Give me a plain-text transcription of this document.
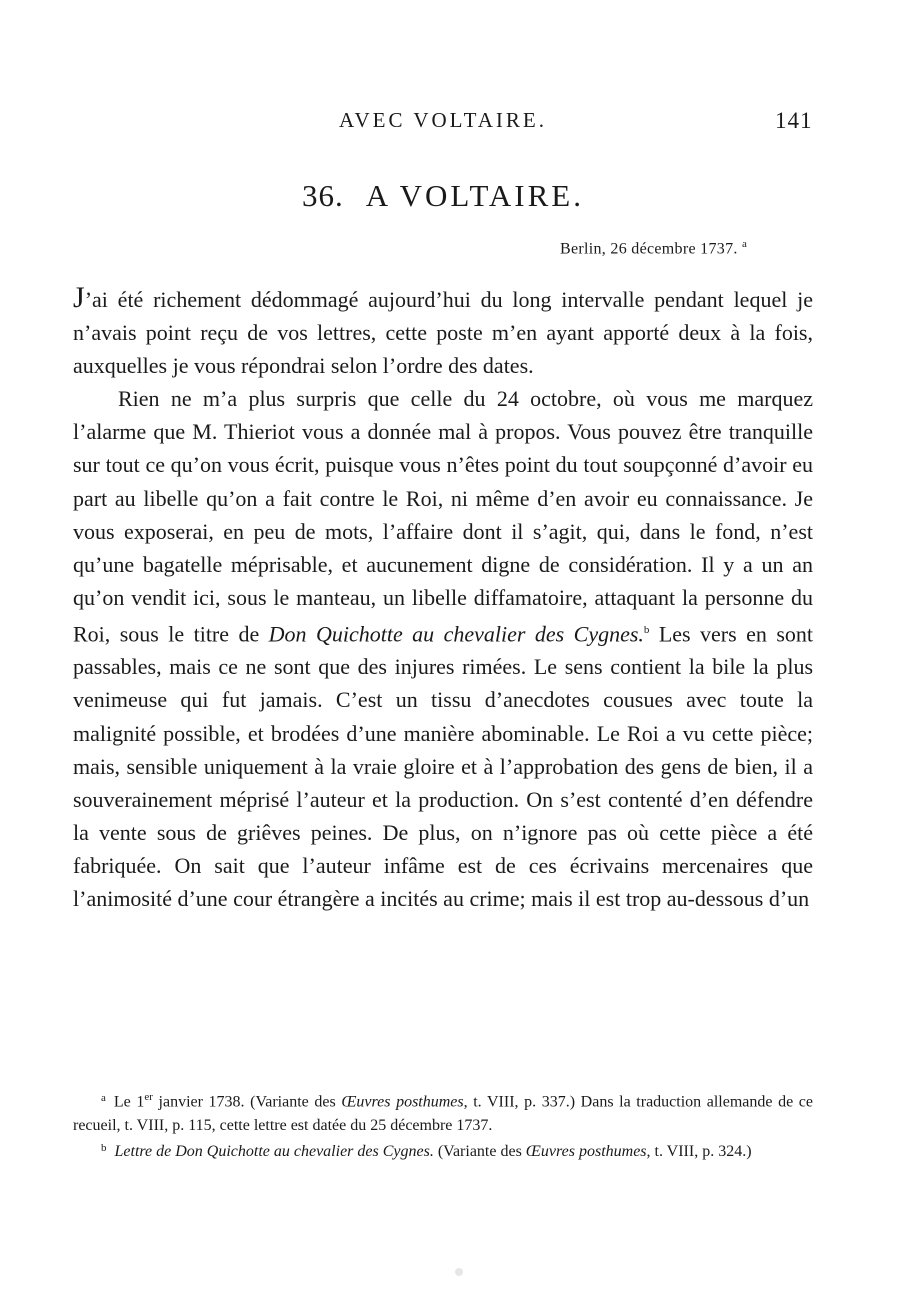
AVEC VOLTAIRE.	141
36. A VOLTAIRE.
Berlin, 26 décembre 1737. $^a$

J’ai été richement dédommagé aujourd’hui du long intervalle pendant lequel je n’avais point reçu de vos lettres, cette poste m’en ayant apporté deux à la fois, auxquelles je vous répondrai selon l’ordre des dates.

Rien ne m’a plus surpris que celle du 24 octobre, où vous me marquez l’alarme que M. Thieriot vous a donnée mal à propos. Vous pouvez être tranquille sur tout ce qu’on vous écrit, puisque vous n’êtes point du tout soupçonné d’avoir eu part au libelle qu’on a fait contre le Roi, ni même d’en avoir eu connaissance. Je vous exposerai, en peu de mots, l’affaire dont il s’agit, qui, dans le fond, n’est qu’une bagatelle méprisable, et aucunement digne de considération. Il y a un an qu’on vendit ici, sous le manteau, un libelle diffamatoire, attaquant la personne du Roi, sous le titre de Don Quichotte au chevalier des Cygnes.$^b$ Les vers en sont passables, mais ce ne sont que des injures rimées. Le sens contient la bile la plus venimeuse qui fut jamais. C’est un tissu d’anecdotes cousues avec toute la malignité possible, et brodées d’une manière abominable. Le Roi a vu cette pièce; mais, sensible uniquement à la vraie gloire et à l’approbation des gens de bien, il a souverainement méprisé l’auteur et la production. On s’est contenté d’en défendre la vente sous de griêves peines. De plus, on n’ignore pas où cette pièce a été fabriquée. On sait que l’auteur infâme est de ces écrivains mercenaires que l’animosité d’une cour étrangère a incités au crime; mais il est trop au-dessous d’un

$^a$ Le 1er janvier 1738. (Variante des Œuvres posthumes, t. VIII, p. 337.) Dans la traduction allemande de ce recueil, t. VIII, p. 115, cette lettre est datée du 25 décembre 1737.

$^b$ Lettre de Don Quichotte au chevalier des Cygnes. (Variante des Œuvres posthumes, t. VIII, p. 324.)
